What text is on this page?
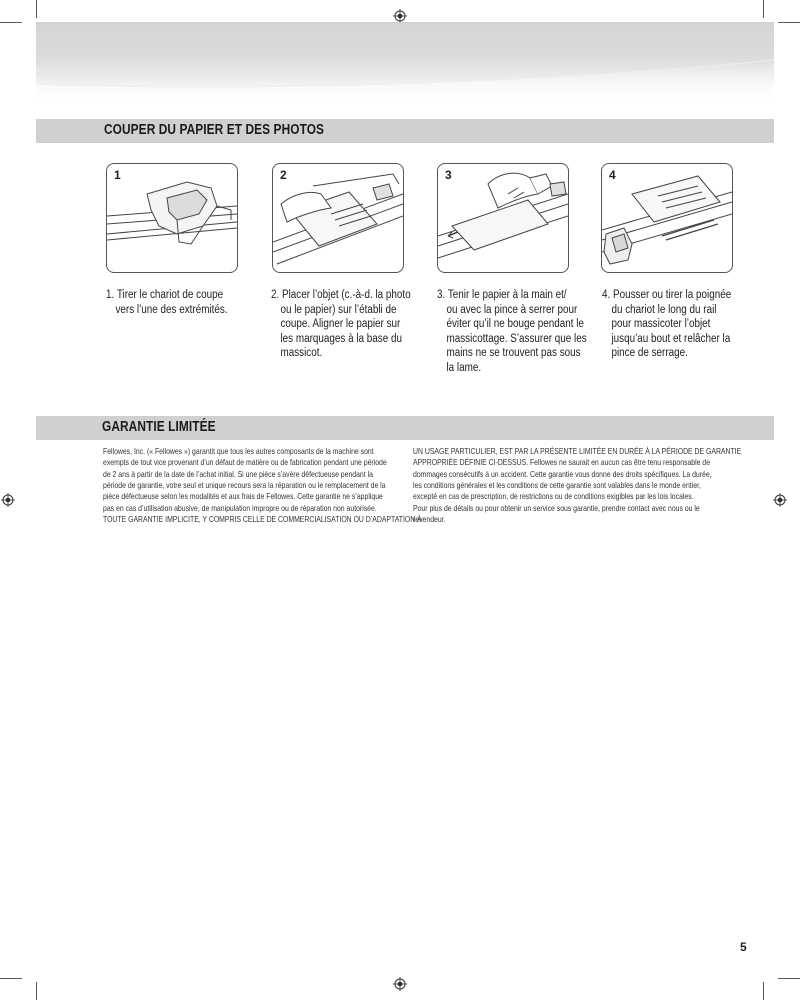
COUPER DU PAPIER ET DES PHOTOS
1	2	3	4
1. Tirer le chariot de coupe
vers l’une des extrémités.
2. Placer l’objet (c.-à-d. la photo
ou le papier) sur l’établi de
coupe. Aligner le papier sur
les marquages à la base du
massicot.
3. Tenir le papier à la main et/
ou avec la pince à serrer pour
éviter qu’il ne bouge pendant le
massicottage. S’assurer que les
mains ne se trouvent pas sous
la lame.
4. Pousser ou tirer la poignée
du chariot le long du rail
pour massicoter l’objet
jusqu’au bout et relâcher la
pince de serrage.
GARANTIE LIMITÉE
Fellowes, Inc. (« Fellowes ») garantit que tous les autres composants de la machine sont
exempts de tout vice provenant d’un défaut de matière ou de fabrication pendant une période
de 2 ans à partir de la date de l’achat initial. Si une pièce s’avère défectueuse pendant la
période de garantie, votre seul et unique recours sera la réparation ou le remplacement de la
pièce défectueuse selon les modalités et aux frais de Fellowes. Cette garantie ne s’applique
pas en cas d’utilisation abusive, de manipulation impropre ou de réparation non autorisée.
TOUTE GARANTIE IMPLICITE, Y COMPRIS CELLE DE COMMERCIALISATION OU D’ADAPTATION À
UN USAGE PARTICULIER, EST PAR LA PRÉSENTE LIMITÉE EN DURÉE À LA PÉRIODE DE GARANTIE
APPROPRIÉE DÉFINIE CI-DESSUS. Fellowes ne saurait en aucun cas être tenu responsable de
dommages consécutifs à un accident. Cette garantie vous donne des droits spécifiques. La durée,
les conditions générales et les conditions de cette garantie sont valables dans le monde entier,
excepté en cas de prescription, de restrictions ou de conditions exigibles par les lois locales.
Pour plus de détails ou pour obtenir un service sous garantie, prendre contact avec nous ou le
revendeur.
5
